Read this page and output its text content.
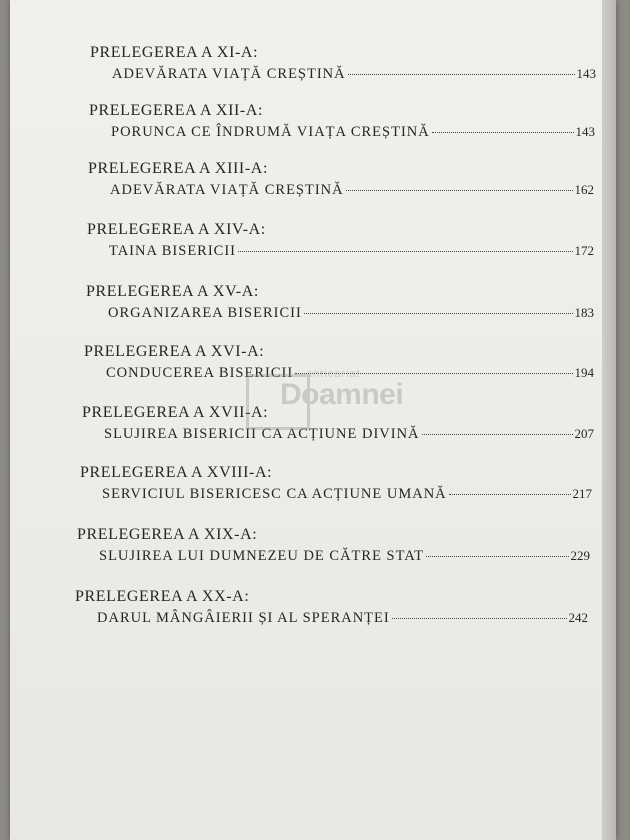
PRELEGEREA A XI-A:
ADEVĂRATA VIAȚĂ CREȘTINĂ	143
PRELEGEREA A XII-A:
PORUNCA CE ÎNDRUMĂ VIAȚA CREȘTINĂ	143
PRELEGEREA A XIII-A:
ADEVĂRATA VIAȚĂ CREȘTINĂ	162
PRELEGEREA A XIV-A:
TAINA BISERICII	172
PRELEGEREA A XV-A:
ORGANIZAREA BISERICII	183
PRELEGEREA A XVI-A:
CONDUCEREA BISERICII	194
PRELEGEREA A XVII-A:
SLUJIREA BISERICII CA ACȚIUNE DIVINĂ	207
PRELEGEREA A XVIII-A:
SERVICIUL BISERICESC CA ACȚIUNE UMANĂ	217
PRELEGEREA A XIX-A:
SLUJIREA LUI DUMNEZEU DE CĂTRE STAT	229
PRELEGEREA A XX-A:
DARUL MÂNGÂIERII ȘI AL SPERANȚEI	242
anticariat
Doamnei
